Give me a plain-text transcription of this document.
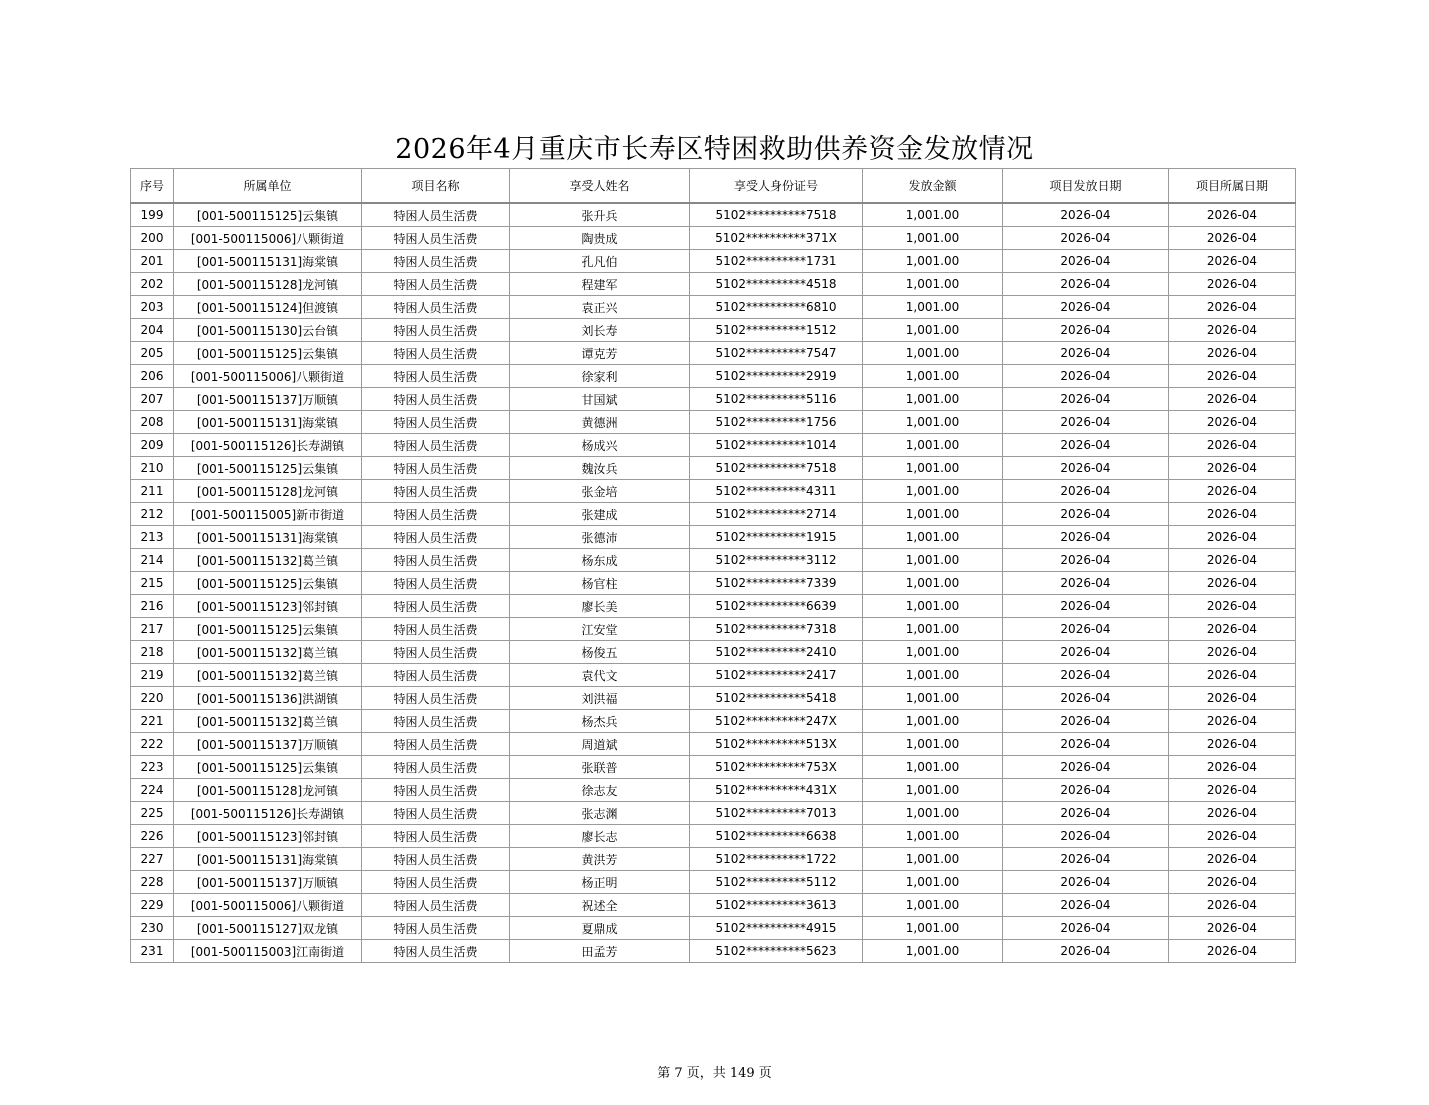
2026年4月重庆市长寿区特困救助供养资金发放情况
序号	所属单位	项目名称	享受人姓名	享受人身份证号	发放金额	项目发放日期	项目所属日期
199	[001-500115125]云集镇	特困人员生活费	张升兵	5102**********7518	1,001.00	2026-04	2026-04
200	[001-500115006]八颗街道	特困人员生活费	陶贵成	5102**********371X	1,001.00	2026-04	2026-04
201	[001-500115131]海棠镇	特困人员生活费	孔凡伯	5102**********1731	1,001.00	2026-04	2026-04
202	[001-500115128]龙河镇	特困人员生活费	程建军	5102**********4518	1,001.00	2026-04	2026-04
203	[001-500115124]但渡镇	特困人员生活费	袁正兴	5102**********6810	1,001.00	2026-04	2026-04
204	[001-500115130]云台镇	特困人员生活费	刘长寿	5102**********1512	1,001.00	2026-04	2026-04
205	[001-500115125]云集镇	特困人员生活费	谭克芳	5102**********7547	1,001.00	2026-04	2026-04
206	[001-500115006]八颗街道	特困人员生活费	徐家利	5102**********2919	1,001.00	2026-04	2026-04
207	[001-500115137]万顺镇	特困人员生活费	甘国斌	5102**********5116	1,001.00	2026-04	2026-04
208	[001-500115131]海棠镇	特困人员生活费	黄德洲	5102**********1756	1,001.00	2026-04	2026-04
209	[001-500115126]长寿湖镇	特困人员生活费	杨成兴	5102**********1014	1,001.00	2026-04	2026-04
210	[001-500115125]云集镇	特困人员生活费	魏汝兵	5102**********7518	1,001.00	2026-04	2026-04
211	[001-500115128]龙河镇	特困人员生活费	张金培	5102**********4311	1,001.00	2026-04	2026-04
212	[001-500115005]新市街道	特困人员生活费	张建成	5102**********2714	1,001.00	2026-04	2026-04
213	[001-500115131]海棠镇	特困人员生活费	张德沛	5102**********1915	1,001.00	2026-04	2026-04
214	[001-500115132]葛兰镇	特困人员生活费	杨东成	5102**********3112	1,001.00	2026-04	2026-04
215	[001-500115125]云集镇	特困人员生活费	杨官柱	5102**********7339	1,001.00	2026-04	2026-04
216	[001-500115123]邻封镇	特困人员生活费	廖长美	5102**********6639	1,001.00	2026-04	2026-04
217	[001-500115125]云集镇	特困人员生活费	江安堂	5102**********7318	1,001.00	2026-04	2026-04
218	[001-500115132]葛兰镇	特困人员生活费	杨俊五	5102**********2410	1,001.00	2026-04	2026-04
219	[001-500115132]葛兰镇	特困人员生活费	袁代文	5102**********2417	1,001.00	2026-04	2026-04
220	[001-500115136]洪湖镇	特困人员生活费	刘洪福	5102**********5418	1,001.00	2026-04	2026-04
221	[001-500115132]葛兰镇	特困人员生活费	杨杰兵	5102**********247X	1,001.00	2026-04	2026-04
222	[001-500115137]万顺镇	特困人员生活费	周道斌	5102**********513X	1,001.00	2026-04	2026-04
223	[001-500115125]云集镇	特困人员生活费	张联普	5102**********753X	1,001.00	2026-04	2026-04
224	[001-500115128]龙河镇	特困人员生活费	徐志友	5102**********431X	1,001.00	2026-04	2026-04
225	[001-500115126]长寿湖镇	特困人员生活费	张志渊	5102**********7013	1,001.00	2026-04	2026-04
226	[001-500115123]邻封镇	特困人员生活费	廖长志	5102**********6638	1,001.00	2026-04	2026-04
227	[001-500115131]海棠镇	特困人员生活费	黄洪芳	5102**********1722	1,001.00	2026-04	2026-04
228	[001-500115137]万顺镇	特困人员生活费	杨正明	5102**********5112	1,001.00	2026-04	2026-04
229	[001-500115006]八颗街道	特困人员生活费	祝述全	5102**********3613	1,001.00	2026-04	2026-04
230	[001-500115127]双龙镇	特困人员生活费	夏鼎成	5102**********4915	1,001.00	2026-04	2026-04
231	[001-500115003]江南街道	特困人员生活费	田孟芳	5102**********5623	1,001.00	2026-04	2026-04
第 7 页，共 149 页
